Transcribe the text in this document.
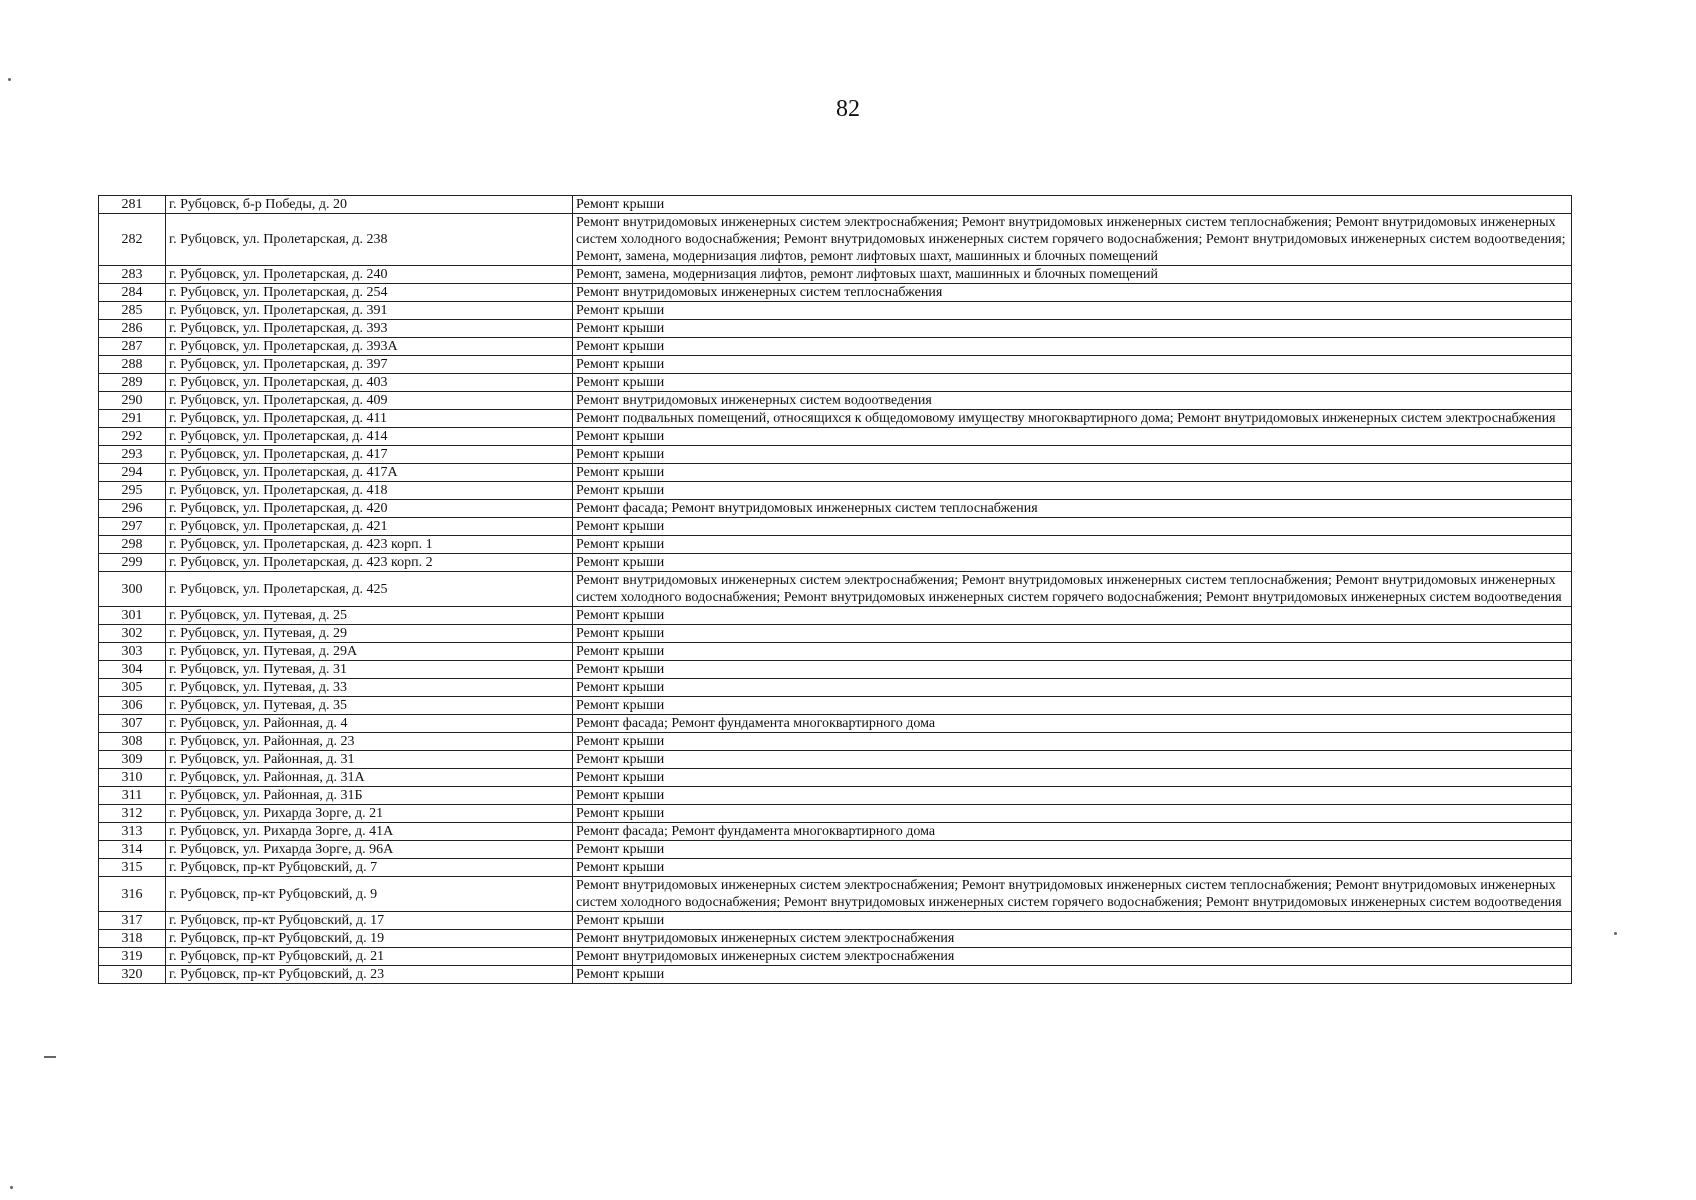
82
281	г. Рубцовск, б-р Победы, д. 20	Ремонт крыши
282	г. Рубцовск, ул. Пролетарская, д. 238	Ремонт внутридомовых инженерных систем электроснабжения; Ремонт внутридомовых инженерных систем теплоснабжения; Ремонт внутридомовых инженерных систем холодного водоснабжения; Ремонт внутридомовых инженерных систем горячего водоснабжения; Ремонт внутридомовых инженерных систем водоотведения; Ремонт, замена, модернизация лифтов, ремонт лифтовых шахт, машинных и блочных помещений
283	г. Рубцовск, ул. Пролетарская, д. 240	Ремонт, замена, модернизация лифтов, ремонт лифтовых шахт, машинных и блочных помещений
284	г. Рубцовск, ул. Пролетарская, д. 254	Ремонт внутридомовых инженерных систем теплоснабжения
285	г. Рубцовск, ул. Пролетарская, д. 391	Ремонт крыши
286	г. Рубцовск, ул. Пролетарская, д. 393	Ремонт крыши
287	г. Рубцовск, ул. Пролетарская, д. 393А	Ремонт крыши
288	г. Рубцовск, ул. Пролетарская, д. 397	Ремонт крыши
289	г. Рубцовск, ул. Пролетарская, д. 403	Ремонт крыши
290	г. Рубцовск, ул. Пролетарская, д. 409	Ремонт внутридомовых инженерных систем водоотведения
291	г. Рубцовск, ул. Пролетарская, д. 411	Ремонт подвальных помещений, относящихся к общедомовому имуществу многоквартирного дома; Ремонт внутридомовых инженерных систем электроснабжения
292	г. Рубцовск, ул. Пролетарская, д. 414	Ремонт крыши
293	г. Рубцовск, ул. Пролетарская, д. 417	Ремонт крыши
294	г. Рубцовск, ул. Пролетарская, д. 417А	Ремонт крыши
295	г. Рубцовск, ул. Пролетарская, д. 418	Ремонт крыши
296	г. Рубцовск, ул. Пролетарская, д. 420	Ремонт фасада; Ремонт внутридомовых инженерных систем теплоснабжения
297	г. Рубцовск, ул. Пролетарская, д. 421	Ремонт крыши
298	г. Рубцовск, ул. Пролетарская, д. 423 корп. 1	Ремонт крыши
299	г. Рубцовск, ул. Пролетарская, д. 423 корп. 2	Ремонт крыши
300	г. Рубцовск, ул. Пролетарская, д. 425	Ремонт внутридомовых инженерных систем электроснабжения; Ремонт внутридомовых инженерных систем теплоснабжения; Ремонт внутридомовых инженерных систем холодного водоснабжения; Ремонт внутридомовых инженерных систем горячего водоснабжения; Ремонт внутридомовых инженерных систем водоотведения
301	г. Рубцовск, ул. Путевая, д. 25	Ремонт крыши
302	г. Рубцовск, ул. Путевая, д. 29	Ремонт крыши
303	г. Рубцовск, ул. Путевая, д. 29А	Ремонт крыши
304	г. Рубцовск, ул. Путевая, д. 31	Ремонт крыши
305	г. Рубцовск, ул. Путевая, д. 33	Ремонт крыши
306	г. Рубцовск, ул. Путевая, д. 35	Ремонт крыши
307	г. Рубцовск, ул. Районная, д. 4	Ремонт фасада; Ремонт фундамента многоквартирного дома
308	г. Рубцовск, ул. Районная, д. 23	Ремонт крыши
309	г. Рубцовск, ул. Районная, д. 31	Ремонт крыши
310	г. Рубцовск, ул. Районная, д. 31А	Ремонт крыши
311	г. Рубцовск, ул. Районная, д. 31Б	Ремонт крыши
312	г. Рубцовск, ул. Рихарда Зорге, д. 21	Ремонт крыши
313	г. Рубцовск, ул. Рихарда Зорге, д. 41А	Ремонт фасада; Ремонт фундамента многоквартирного дома
314	г. Рубцовск, ул. Рихарда Зорге, д. 96А	Ремонт крыши
315	г. Рубцовск, пр-кт Рубцовский, д. 7	Ремонт крыши
316	г. Рубцовск, пр-кт Рубцовский, д. 9	Ремонт внутридомовых инженерных систем электроснабжения; Ремонт внутридомовых инженерных систем теплоснабжения; Ремонт внутридомовых инженерных систем холодного водоснабжения; Ремонт внутридомовых инженерных систем горячего водоснабжения; Ремонт внутридомовых инженерных систем водоотведения
317	г. Рубцовск, пр-кт Рубцовский, д. 17	Ремонт крыши
318	г. Рубцовск, пр-кт Рубцовский, д. 19	Ремонт внутридомовых инженерных систем электроснабжения
319	г. Рубцовск, пр-кт Рубцовский, д. 21	Ремонт внутридомовых инженерных систем электроснабжения
320	г. Рубцовск, пр-кт Рубцовский, д. 23	Ремонт крыши
